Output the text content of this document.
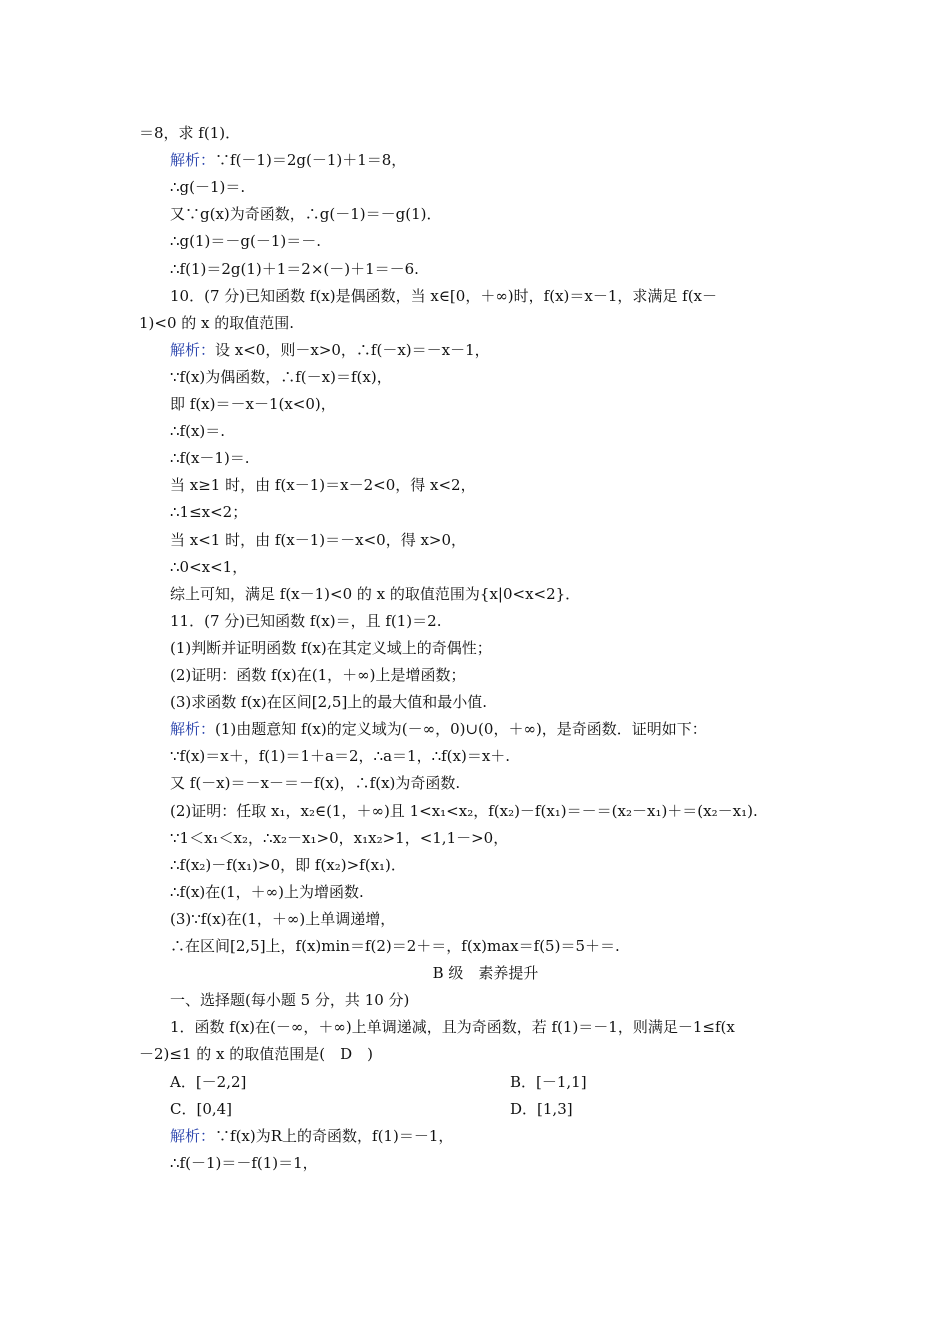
＝8，求 f(1)．
解析：∵f(－1)＝2g(－1)＋1＝8，
∴g(－1)＝.
又∵g(x)为奇函数，∴g(－1)＝－g(1)．
∴g(1)＝－g(－1)＝－.
∴f(1)＝2g(1)＋1＝2×(－)＋1＝－6.
10．(7 分)已知函数 f(x)是偶函数，当 x∈[0，＋∞)时，f(x)＝x－1，求满足 f(x－
1)<0 的 x 的取值范围.
解析：设 x<0，则－x>0，∴f(－x)＝－x－1，
∵f(x)为偶函数，∴f(－x)＝f(x)，
即 f(x)＝－x－1(x<0)，
∴f(x)＝.
∴f(x－1)＝.
当 x≥1 时，由 f(x－1)＝x－2<0，得 x<2，
∴1≤x<2；
当 x<1 时，由 f(x－1)＝－x<0，得 x>0，
∴0<x<1，
综上可知，满足 f(x－1)<0 的 x 的取值范围为{x|0<x<2}．
11．(7 分)已知函数 f(x)＝，且 f(1)＝2.
(1)判断并证明函数 f(x)在其定义域上的奇偶性；
(2)证明：函数 f(x)在(1，＋∞)上是增函数；
(3)求函数 f(x)在区间[2,5]上的最大值和最小值.
解析：(1)由题意知 f(x)的定义域为(－∞，0)∪(0，＋∞)，是奇函数．证明如下：
∵f(x)＝x＋，f(1)＝1＋a＝2，∴a＝1，∴f(x)＝x＋.
又 f(－x)＝－x－＝－f(x)，∴f(x)为奇函数.
(2)证明：任取 x₁，x₂∈(1，＋∞)且 1<x₁<x₂，f(x₂)－f(x₁)＝－＝(x₂－x₁)＋＝(x₂－x₁).
∵1＜x₁＜x₂，∴x₂－x₁>0，x₁x₂>1，<1,1－>0，
∴f(x₂)－f(x₁)>0，即 f(x₂)>f(x₁)．
∴f(x)在(1，＋∞)上为增函数.
(3)∵f(x)在(1，＋∞)上单调递增，
∴在区间[2,5]上，f(x)min＝f(2)＝2＋＝，f(x)max＝f(5)＝5＋＝.
B 级　素养提升
一、选择题(每小题 5 分，共 10 分)
1．函数 f(x)在(－∞，＋∞)上单调递减，且为奇函数，若 f(1)＝－1，则满足－1≤f(x
－2)≤1 的 x 的取值范围是(　D　)
A．[－2,2]	B．[－1,1]
C．[0,4]	D．[1,3]
解析：∵f(x)为R上的奇函数，f(1)＝－1，
∴f(－1)＝－f(1)＝1，
